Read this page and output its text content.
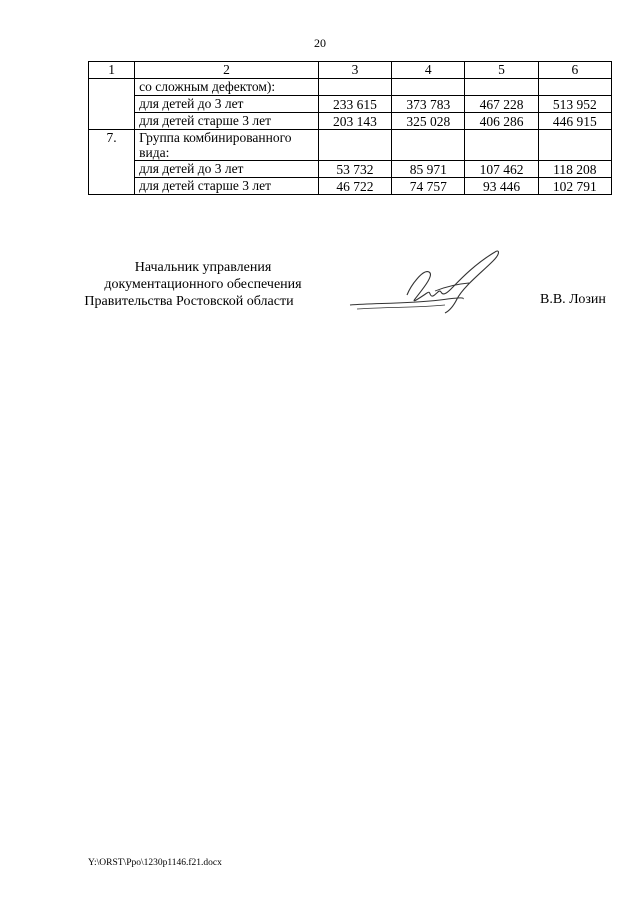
20
1	2	3	4	5	6
	со сложным дефектом):				
	для детей до 3 лет	233 615	373 783	467 228	513 952
	для детей старше 3 лет	203 143	325 028	406 286	446 915
7.	Группа комбинированного вида:				
	для детей до 3 лет	53 732	85 971	107 462	118 208
	для детей старше 3 лет	46 722	74 757	93 446	102 791
Начальник управления
документационного обеспечения
Правительства Ростовской области	В.В. Лозин
Y:\ORST\Ppo\1230p1146.f21.docx
